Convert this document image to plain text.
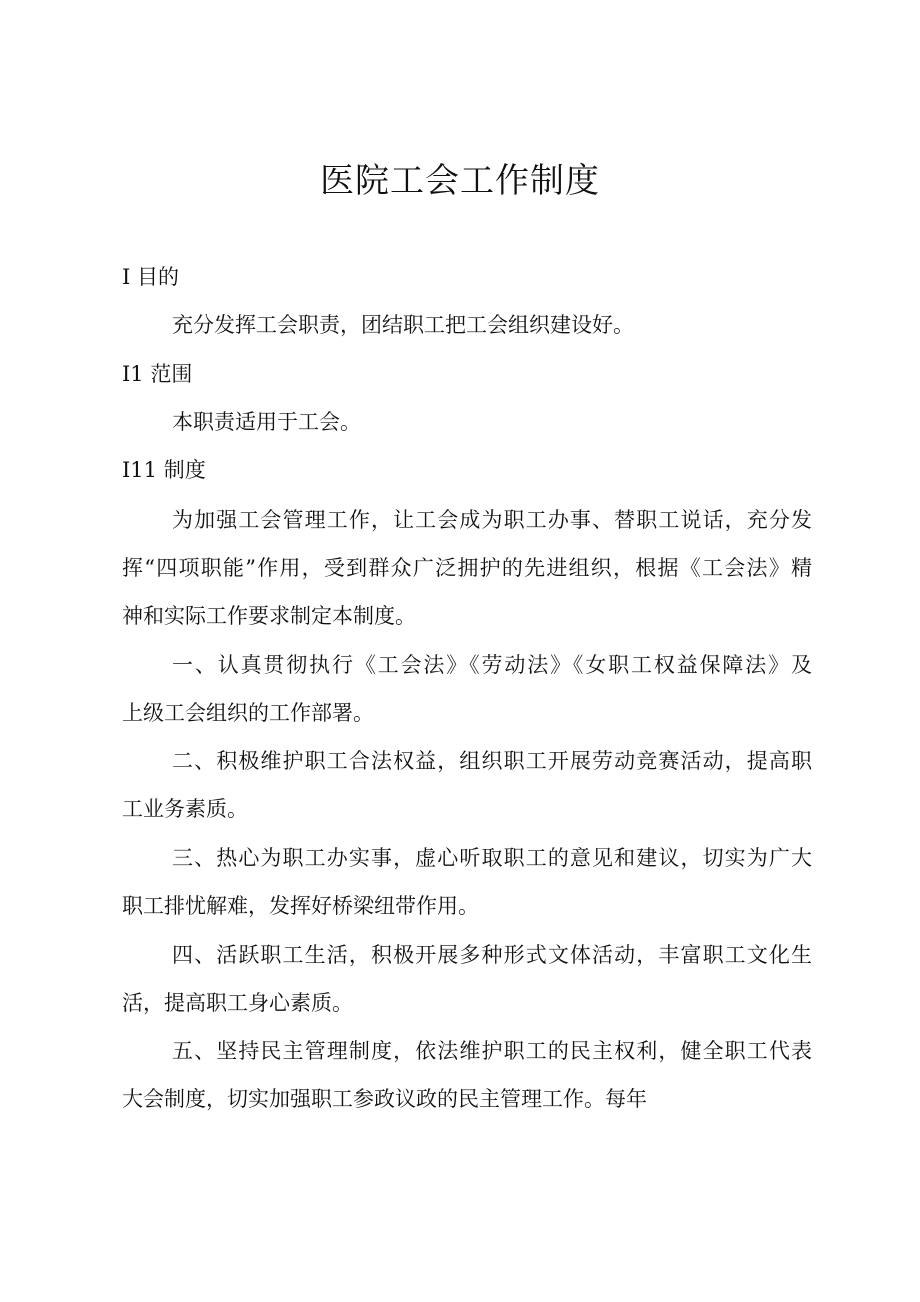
医院工会工作制度
I 目的
充分发挥工会职责，团结职工把工会组织建设好。
I1 范围
本职责适用于工会。
I11 制度
为加强工会管理工作，让工会成为职工办事、替职工说话，充分发
挥“四项职能”作用，受到群众广泛拥护的先进组织，根据《工会法》精
神和实际工作要求制定本制度。
一、认真贯彻执行《工会法》《劳动法》《女职工权益保障法》及
上级工会组织的工作部署。
二、积极维护职工合法权益，组织职工开展劳动竞赛活动，提高职
工业务素质。
三、热心为职工办实事，虚心听取职工的意见和建议，切实为广大
职工排忧解难，发挥好桥梁纽带作用。
四、活跃职工生活，积极开展多种形式文体活动，丰富职工文化生
活，提高职工身心素质。
五、坚持民主管理制度，依法维护职工的民主权利，健全职工代表
大会制度，切实加强职工参政议政的民主管理工作。每年
